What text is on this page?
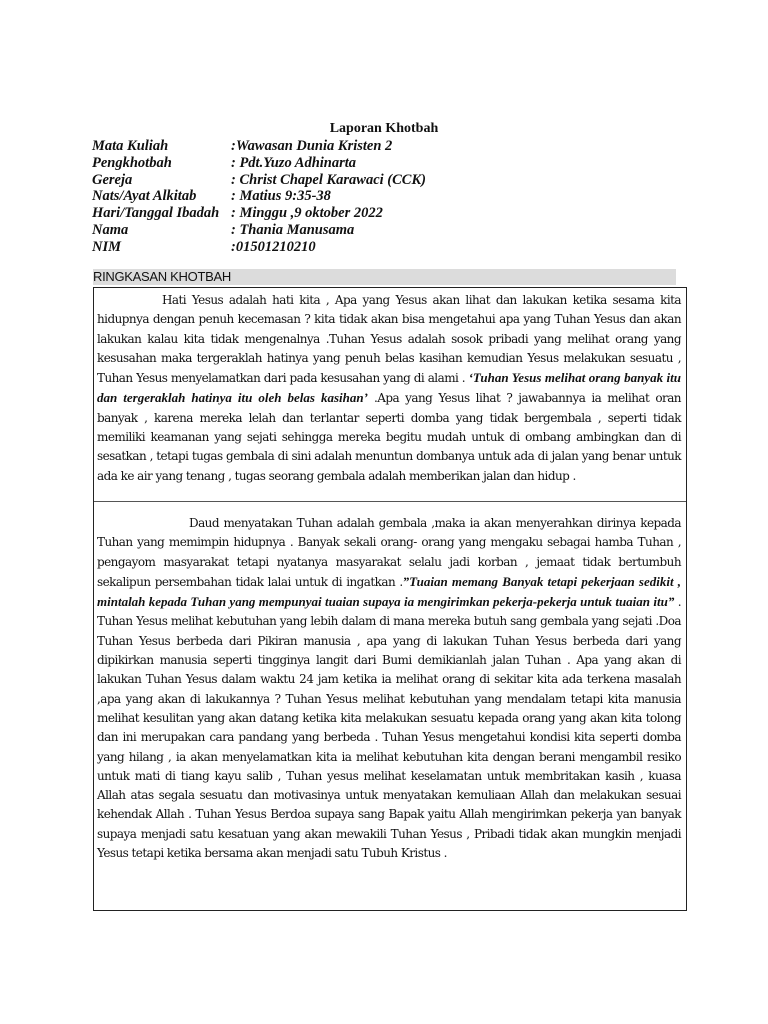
Laporan Khotbah
Mata Kuliah	:Wawasan Dunia Kristen 2
Pengkhotbah	: Pdt.Yuzo Adhinarta
Gereja	: Christ Chapel Karawaci (CCK)
Nats/Ayat Alkitab	: Matius 9:35-38
Hari/Tanggal Ibadah : Minggu ,9 oktober 2022
Nama	: Thania Manusama
NIM	:01501210210
RINGKASAN KHOTBAH

Hati Yesus adalah hati kita , Apa yang Yesus akan lihat dan lakukan ketika sesama kita hidupnya dengan penuh kecemasan ? kita tidak akan bisa mengetahui apa yang Tuhan Yesus dan akan lakukan kalau kita tidak mengenalnya .Tuhan Yesus adalah sosok pribadi yang melihat orang yang kesusahan maka tergeraklah hatinya yang penuh belas kasihan kemudian Yesus melakukan sesuatu , Tuhan Yesus menyelamatkan dari pada kesusahan yang di alami . ‘Tuhan Yesus melihat orang banyak itu dan tergeraklah hatinya itu oleh belas kasihan’ .Apa yang Yesus lihat ? jawabannya ia melihat oran banyak , karena mereka lelah dan terlantar seperti domba yang tidak bergembala , seperti tidak memiliki keamanan yang sejati sehingga mereka begitu mudah untuk di ombang ambingkan dan di sesatkan , tetapi tugas gembala di sini adalah menuntun dombanya untuk ada di jalan yang benar untuk ada ke air yang tenang , tugas seorang gembala adalah memberikan jalan dan hidup .

Daud menyatakan Tuhan adalah gembala ,maka ia akan menyerahkan dirinya kepada Tuhan yang memimpin hidupnya . Banyak sekali orang- orang yang mengaku sebagai hamba Tuhan , pengayom masyarakat tetapi nyatanya masyarakat selalu jadi korban , jemaat tidak bertumbuh sekalipun persembahan tidak lalai untuk di ingatkan .”Tuaian memang Banyak tetapi pekerjaan sedikit , mintalah kepada Tuhan yang mempunyai tuaian supaya ia mengirimkan pekerja-pekerja untuk tuaian itu” . Tuhan Yesus melihat kebutuhan yang lebih dalam di mana mereka butuh sang gembala yang sejati .Doa Tuhan Yesus berbeda dari Pikiran manusia , apa yang di lakukan Tuhan Yesus berbeda dari yang dipikirkan manusia seperti tingginya langit dari Bumi demikianlah jalan Tuhan . Apa yang akan di lakukan Tuhan Yesus dalam waktu 24 jam ketika ia melihat orang di sekitar kita ada terkena masalah ,apa yang akan di lakukannya ? Tuhan Yesus melihat kebutuhan yang mendalam tetapi kita manusia melihat kesulitan yang akan datang ketika kita melakukan sesuatu kepada orang yang akan kita tolong dan ini merupakan cara pandang yang berbeda . Tuhan Yesus mengetahui kondisi kita seperti domba yang hilang , ia akan menyelamatkan kita ia melihat kebutuhan kita dengan berani mengambil resiko untuk mati di tiang kayu salib , Tuhan yesus melihat keselamatan untuk membritakan kasih , kuasa Allah atas segala sesuatu dan motivasinya untuk menyatakan kemuliaan Allah dan melakukan sesuai kehendak Allah . Tuhan Yesus Berdoa supaya sang Bapak yaitu Allah mengirimkan pekerja yan banyak supaya menjadi satu kesatuan yang akan mewakili Tuhan Yesus , Pribadi tidak akan mungkin menjadi Yesus tetapi ketika bersama akan menjadi satu Tubuh Kristus .
